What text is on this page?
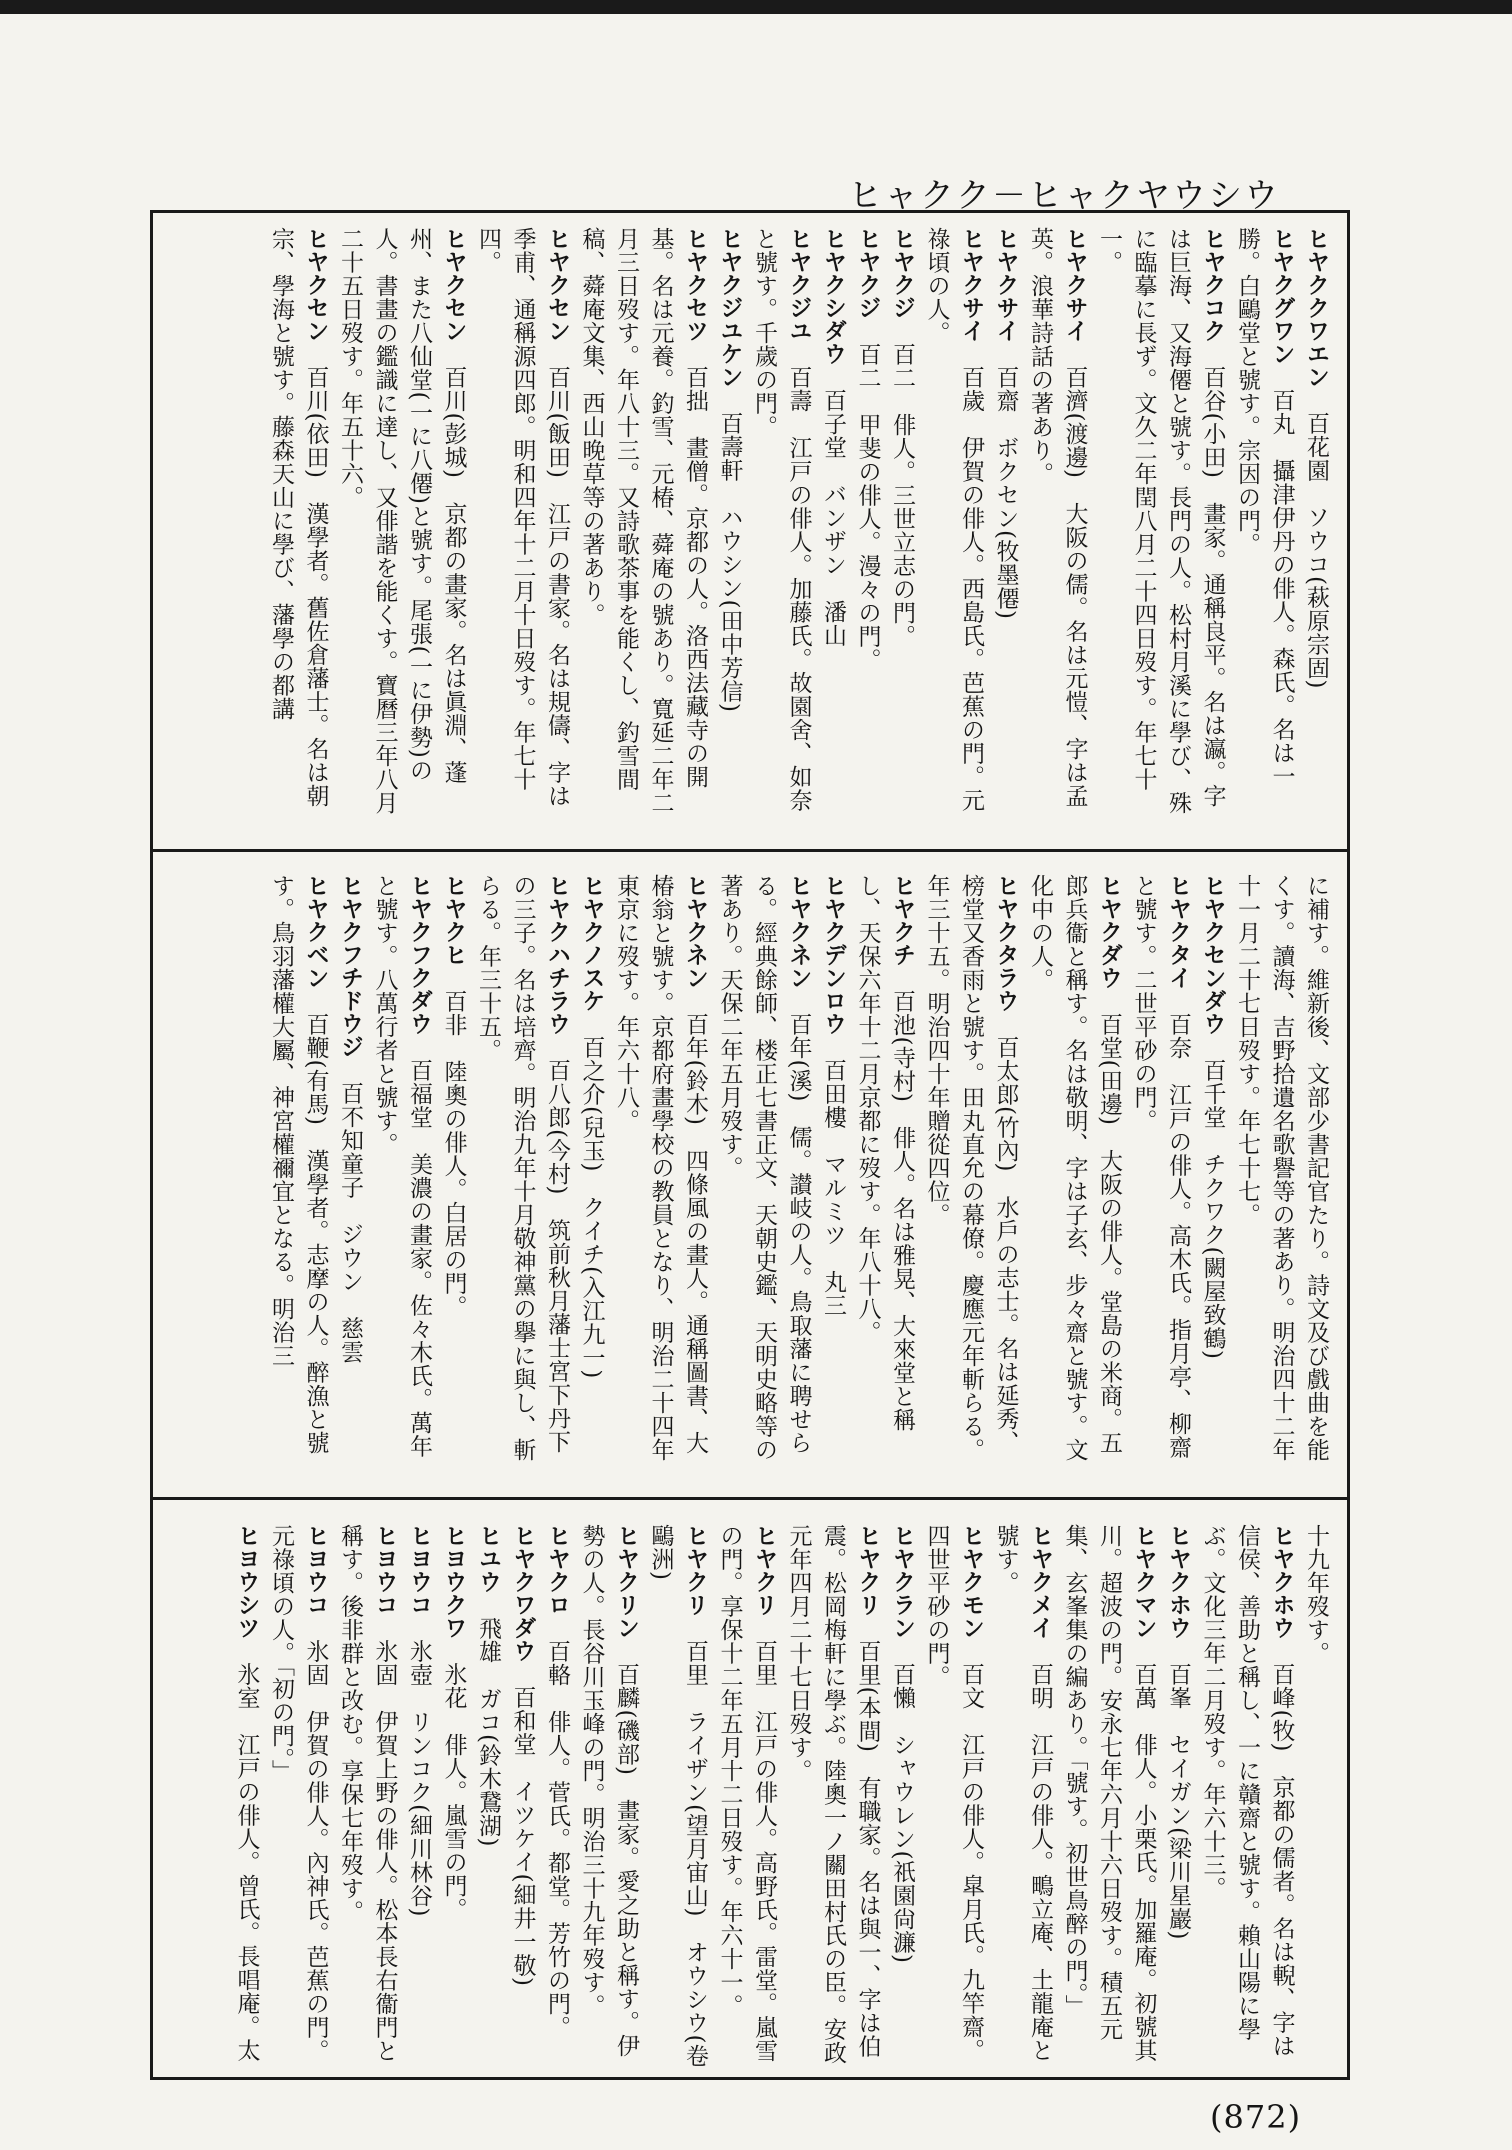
ヒャクク－ヒャクヤウシウ
ヒヤククワエン　百花園　ソウコ(萩原宗固)
ヒヤクグワン　百丸　攝津伊丹の俳人。森氏。名は一勝。白鷗堂と號す。宗因の門。
ヒヤクコク　百谷(小田)　畫家。通稱良平。名は瀛。字は巨海、又海僊と號す。長門の人。松村月溪に學び、殊に臨摹に長ず。文久二年閏八月二十四日歿す。年七十一。
ヒヤクサイ　百濟(渡邊)　大阪の儒。名は元愷、字は孟英。浪華詩話の著あり。
ヒヤクサイ　百齋　ボクセン(牧墨僊)
ヒヤクサイ　百歲　伊賀の俳人。西島氏。芭蕉の門。元祿頃の人。
ヒヤクジ　百二　俳人。三世立志の門。
ヒヤクジ　百二　甲斐の俳人。漫々の門。
ヒヤクシダウ　百子堂　バンザン　潘山
ヒヤクジユ　百壽　江戸の俳人。加藤氏。故園舍、如奈と號す。千歲の門。
ヒヤクジユケン　百壽軒　ハウシン(田中芳信)
ヒヤクセツ　百拙　畫僧。京都の人。洛西法藏寺の開基。名は元養。釣雪、元椿、蕣庵の號あり。寬延二年二月三日歿す。年八十三。又詩歌茶事を能くし、釣雪間稿、蕣庵文集、西山晚草等の著あり。
ヒヤクセン　百川(飯田)　江戸の書家。名は規儔、字は季甫、通稱源四郎。明和四年十二月十日歿す。年七十四。
ヒヤクセン　百川(彭城)　京都の畫家。名は眞淵、蓬州、また八仙堂(一に八僊)と號す。尾張(一に伊勢)の人。書畫の鑑識に達し、又俳諧を能くす。寶曆三年八月二十五日歿す。年五十六。
ヒヤクセン　百川(依田)　漢學者。舊佐倉藩士。名は朝宗、學海と號す。藤森天山に學び、藩學の都講
に補す。維新後、文部少書記官たり。詩文及び戲曲を能くす。讀海、吉野拾遺名歌譽等の著あり。明治四十二年十一月二十七日歿す。年七十七。
ヒヤクセンダウ　百千堂　チクワク(闕屋致鶴)
ヒヤクタイ　百奈　江戸の俳人。高木氏。指月亭、柳齋と號す。二世平砂の門。
ヒヤクダウ　百堂(田邊)　大阪の俳人。堂島の米商。五郎兵衞と稱す。名は敬明、字は子玄、步々齋と號す。文化中の人。
ヒヤクタラウ　百太郎(竹內)　水戶の志士。名は延秀、榜堂又香雨と號す。田丸直允の幕僚。慶應元年斬らる。年三十五。明治四十年贈從四位。
ヒヤクチ　百池(寺村)　俳人。名は雅晃、大來堂と稱し、天保六年十二月京都に歿す。年八十八。
ヒヤクデンロウ　百田樓　マルミツ　丸三
ヒヤクネン　百年(溪)　儒。讃岐の人。鳥取藩に聘せらる。經典餘師、楼正七書正文、天朝史鑑、天明史略等の著あり。天保二年五月歿す。
ヒヤクネン　百年(鈴木)　四條風の畫人。通稱圖書、大椿翁と號す。京都府畫學校の教員となり、明治二十四年東京に歿す。年六十八。
ヒヤクノスケ　百之介(兒玉)　クイチ(入江九一)
ヒヤクハチラウ　百八郎(今村)　筑前秋月藩士宮下丹下の三子。名は培齊。明治九年十月敬神黨の擧に與し、斬らる。年三十五。
ヒヤクヒ　百非　陸奧の俳人。白居の門。
ヒヤクフクダウ　百福堂　美濃の畫家。佐々木氏。萬年と號す。八萬行者と號す。
ヒヤクフチドウジ　百不知童子　ジウン　慈雲
ヒヤクベン　百鞭(有馬)　漢學者。志摩の人。醉漁と號す。鳥羽藩權大屬、神宮權禰宜となる。明治三
十九年歿す。
ヒヤクホウ　百峰(牧)　京都の儒者。名は輗、字は信侯、善助と稱し、一に贛齋と號す。賴山陽に學ぶ。文化三年二月歿す。年六十三。
ヒヤクホウ　百峯　セイガン(梁川星巖)
ヒヤクマン　百萬　俳人。小栗氏。加羅庵。初號其川。超波の門。安永七年六月十六日歿す。積五元集、玄峯集の編あり。「號す。初世鳥醉の門。」
ヒヤクメイ　百明　江戸の俳人。鴫立庵、土龍庵と號す。
ヒヤクモン　百文　江戸の俳人。皐月氏。九竿齋。四世平砂の門。
ヒヤクラン　百懶　シャウレン(祇園尙濂)
ヒヤクリ　百里(本間)　有職家。名は與一、字は伯震。松岡梅軒に學ぶ。陸奧一ノ關田村氏の臣。安政元年四月二十七日歿す。
ヒヤクリ　百里　江戸の俳人。高野氏。雷堂。嵐雪の門。享保十二年五月十二日歿す。年六十一。
ヒヤクリ　百里　ライザン(望月宙山)　オウシウ(卷鷗洲)
ヒヤクリン　百麟(磯部)　畫家。愛之助と稱す。伊勢の人。長谷川玉峰の門。明治三十九年歿す。
ヒヤクロ　百輅　俳人。菅氏。都堂。芳竹の門。
ヒヤクワダウ　百和堂　イツケイ(細井一敬)
ヒユウ　飛雄　ガコ(鈴木鵞湖)
ヒヨウクワ　氷花　俳人。嵐雪の門。
ヒヨウコ　氷壺　リンコク(細川林谷)
ヒヨウコ　氷固　伊賀上野の俳人。松本長右衞門と稱す。後非群と改む。享保七年歿す。
ヒヨウコ　氷固　伊賀の俳人。內神氏。芭蕉の門。元祿頃の人。「初の門。」
ヒヨウシツ　氷室　江戸の俳人。曾氏。長唱庵。太
(872)
